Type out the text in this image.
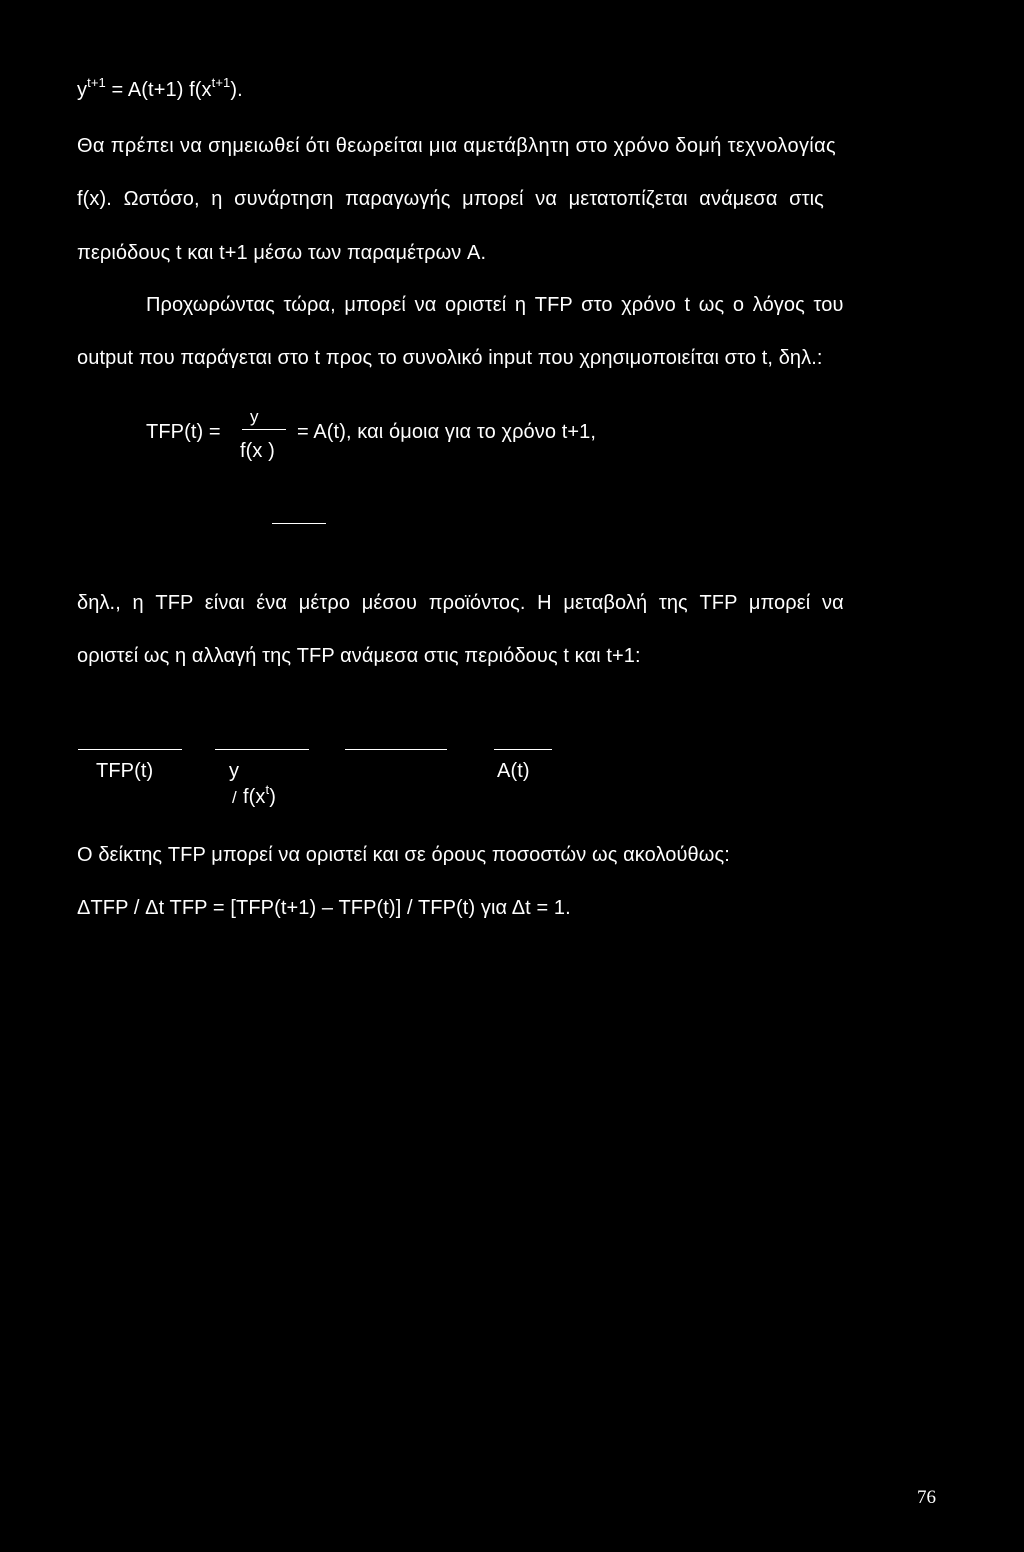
$y^{t+1} = A(t+1)$ $f(x^{t+1})$.
Θα πρέπει να σημειωθεί ότι θεωρείται μια αμετάβλητη στο χρόνο δομή τεχνολογίας
f(x). Ωστόσο, η συνάρτηση παραγωγής μπορεί να μετατοπίζεται ανάμεσα στις
περιόδους t και t+1 μέσω των παραμέτρων A.
Προχωρώντας τώρα, μπορεί να οριστεί η TFP στο χρόνο t ως ο λόγος του
output που παράγεται στο t προς το συνολικό input που χρησιμοποιείται στο t, δηλ.:
TFP(t) =
y
f(x )
= A(t), και όμοια για το χρόνο t+1,
δηλ., η TFP είναι ένα μέτρο μέσου προϊόντος. Η μεταβολή της TFP μπορεί να
οριστεί ως η αλλαγή της TFP ανάμεσα στις περιόδους t και t+1:
TFP(t)	y
/ $f(x^t)$
A(t)
Ο δείκτης TFP μπορεί να οριστεί και σε όρους ποσοστών ως ακολούθως:
ΔTFP / Δt TFP = [TFP(t+1) – TFP(t)] / TFP(t) για Δt = 1.
76
